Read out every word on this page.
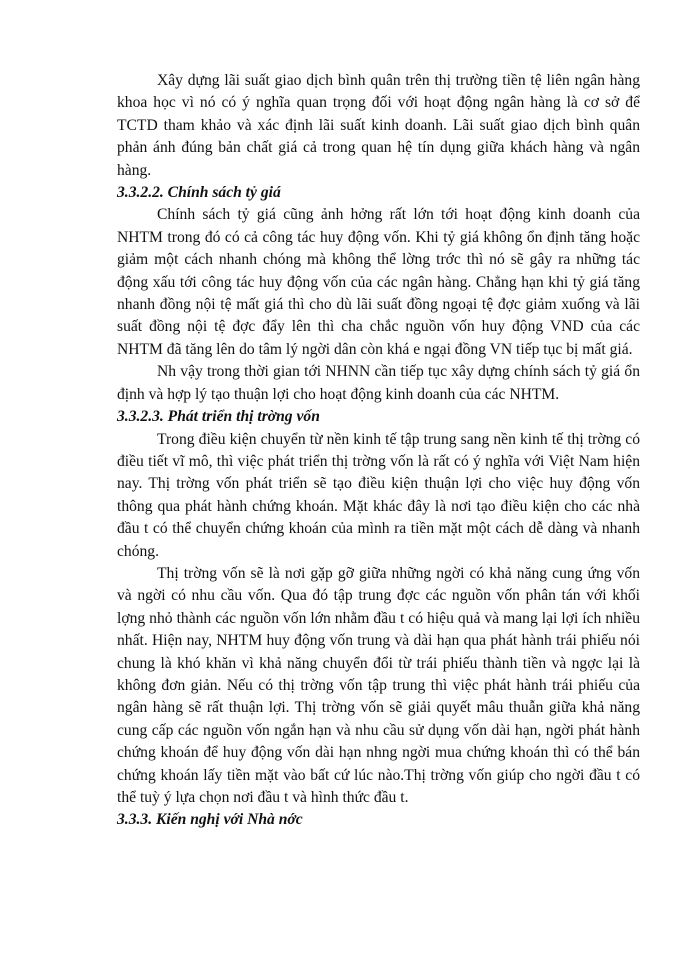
Xây dựng lãi suất giao dịch bình quân trên thị trường tiền tệ liên ngân hàng khoa học vì nó có ý nghĩa quan trọng đối với hoạt động ngân hàng là cơ sở để TCTD tham khảo và xác định lãi suất kinh doanh. Lãi suất giao dịch bình quân phản ánh đúng bản chất giá cả trong quan hệ tín dụng giữa khách hàng và ngân hàng.

3.3.2.2. Chính sách tỷ giá

Chính sách tỷ giá cũng ảnh hởng rất lớn tới hoạt động kinh doanh của NHTM trong đó có cả công tác huy động vốn. Khi tỷ giá không ổn định tăng hoặc giảm một cách nhanh chóng mà không thể lờng trớc thì nó sẽ gây ra những tác động xấu tới công tác huy động vốn của các ngân hàng. Chẳng hạn khi tỷ giá tăng nhanh đồng nội tệ mất giá thì cho dù lãi suất đồng ngoại tệ đợc giảm xuống và lãi suất đồng nội tệ đợc đẩy lên thì cha chắc nguồn vốn huy động VND của các NHTM đã tăng lên do tâm lý ngời dân còn khá e ngại đồng VN tiếp tục bị mất giá.

Nh vậy trong thời gian tới NHNN cần tiếp tục xây dựng chính sách tỷ giá ổn định và hợp lý tạo thuận lợi cho hoạt động kinh doanh của các NHTM.

3.3.2.3. Phát triển thị trờng vốn

Trong điều kiện chuyển từ nền kinh tế tập trung sang nền kinh tế thị trờng có điều tiết vĩ mô, thì việc phát triển thị trờng vốn là rất có ý nghĩa với Việt Nam hiện nay. Thị trờng vốn phát triển sẽ tạo điều kiện thuận lợi cho việc huy động vốn thông qua phát hành chứng khoán. Mặt khác đây là nơi tạo điều kiện cho các nhà đầu t có thể chuyển chứng khoán của mình ra tiền mặt một cách dễ dàng và nhanh chóng.

Thị trờng vốn sẽ là nơi gặp gỡ giữa những ngời có khả năng cung ứng vốn và ngời có nhu cầu vốn. Qua đó tập trung đợc các nguồn vốn phân tán với khối lợng nhỏ thành các nguồn vốn lớn nhằm đầu t có hiệu quả và mang lại lợi ích nhiều nhất. Hiện nay, NHTM huy động vốn trung và dài hạn qua phát hành trái phiếu nói chung là khó khăn vì khả năng chuyển đổi từ trái phiếu thành tiền và ngợc lại là không đơn giản. Nếu có thị trờng vốn tập trung thì việc phát hành trái phiếu của ngân hàng sẽ rất thuận lợi. Thị trờng vốn sẽ giải quyết mâu thuẫn giữa khả năng cung cấp các nguồn vốn ngắn hạn và nhu cầu sử dụng vốn dài hạn, ngời phát hành chứng khoán để huy động vốn dài hạn nhng ngời mua chứng khoán thì có thể bán chứng khoán lấy tiền mặt vào bất cứ lúc nào.Thị trờng vốn giúp cho ngời đầu t có thể tuỳ ý lựa chọn nơi đầu t và hình thức đầu t.

3.3.3. Kiến nghị với Nhà nớc
